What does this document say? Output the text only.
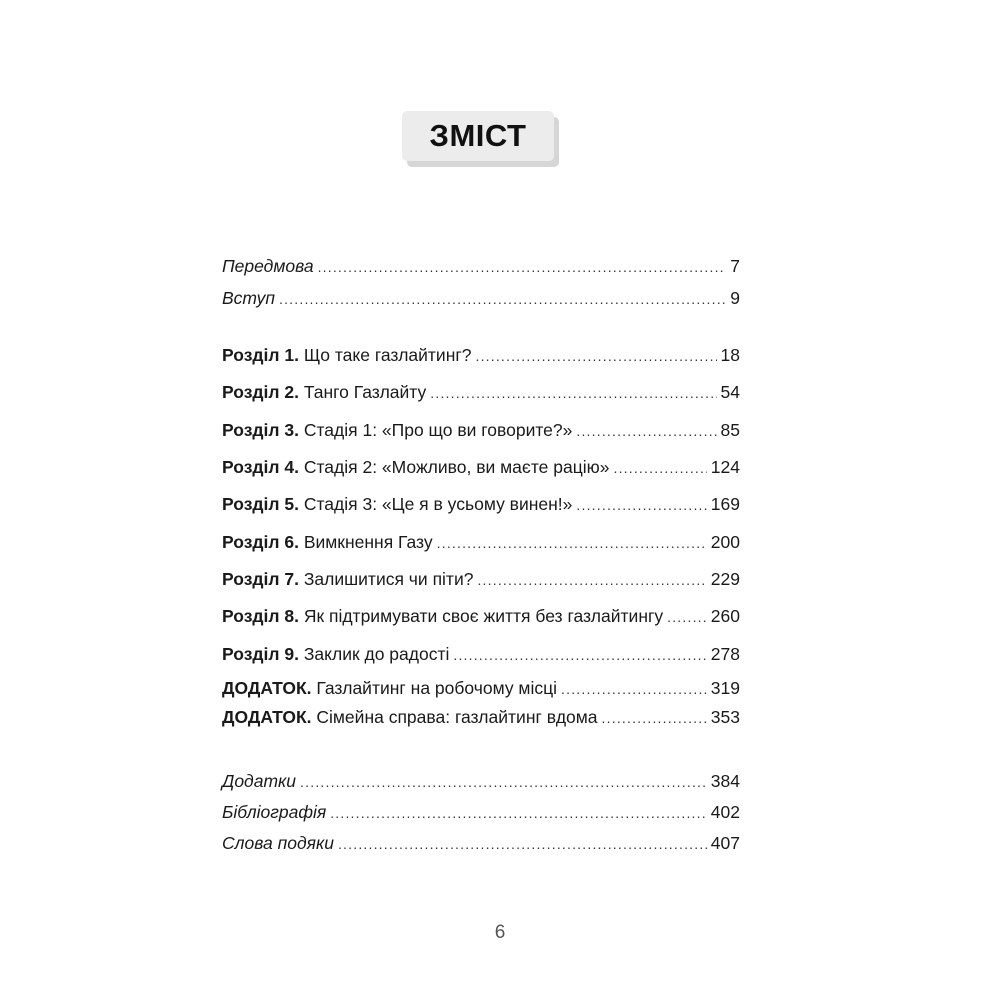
ЗМІСТ
Передмова .....	7
Вступ .....	9
Розділ 1. Що таке газлайтинг? .....	18
Розділ 2. Танго Газлайту .....	54
Розділ 3. Стадія 1: «Про що ви говорите?» .....	85
Розділ 4. Стадія 2: «Можливо, ви маєте рацію» .....	124
Розділ 5. Стадія 3: «Це я в усьому винен!» .....	169
Розділ 6. Вимкнення Газу .....	200
Розділ 7. Залишитися чи піти? .....	229
Розділ 8. Як підтримувати своє життя без газлайтингу .....	260
Розділ 9. Заклик до радості .....	278
ДОДАТОК. Газлайтинг на робочому місці .....	319
ДОДАТОК. Сімейна справа: газлайтинг вдома .....	353
Додатки .....	384
Бібліографія .....	402
Слова подяки .....	407
6
